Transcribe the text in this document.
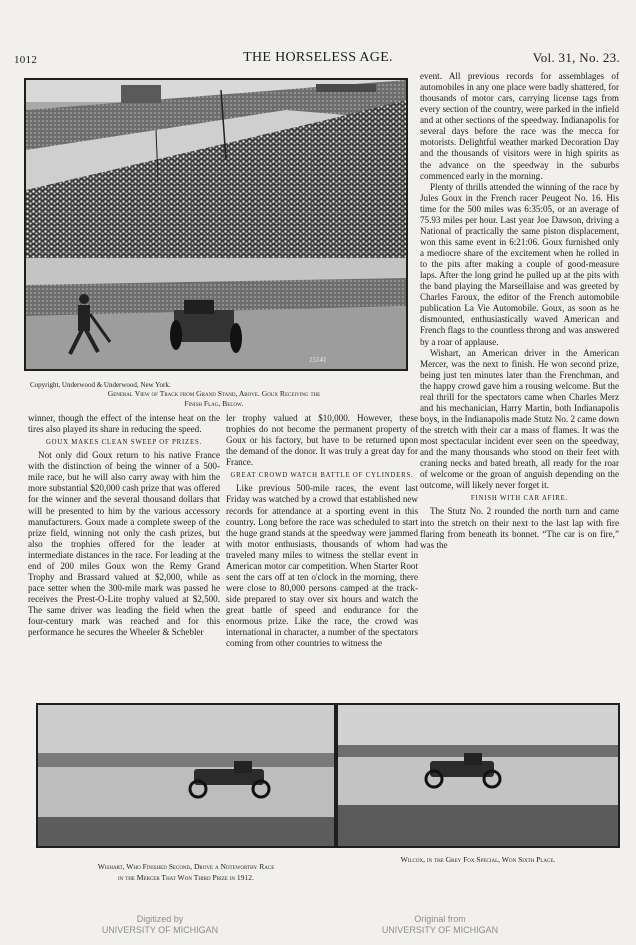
1012	THE HORSELESS AGE.	Vol. 31, No. 23.
15141
Copyright, Underwood & Underwood, New York.
General View of Track from Grand Stand, Above. Goux Receiving the
Finish Flag, Below.

event. All previous records for assemblages of automobiles in any one place were badly shattered, for thousands of motor cars, carrying license tags from every section of the country, were parked in the infield and at other sections of the speedway. Indianapolis for several days before the race was the mecca for motorists. Delightful weather marked Decoration Day and the thousands of visitors were in high spirits as the advance on the speedway in the suburbs commenced early in the morning.

Plenty of thrills attended the winning of the race by Jules Goux in the French racer Peugeot No. 16. His time for the 500 miles was 6:35:05, or an average of 75.93 miles per hour. Last year Joe Dawson, driving a National of practically the same piston displacement, won this same event in 6:21:06. Goux furnished only a mediocre share of the excitement when he rolled in to the pits after making a couple of good-measure laps. After the long grind he pulled up at the pits with the band playing the Marseillaise and was greeted by Charles Faroux, the editor of the French automobile publication La Vie Automobile. Goux, as soon as he dismounted, enthusiastically waved American and French flags to the countless throng and was answered by a roar of applause.

Wishart, an American driver in the American Mercer, was the next to finish. He won second prize, being just ten minutes later than the Frenchman, and the happy crowd gave him a rousing welcome. But the real thrill for the spectators came when Charles Merz and his mechanician, Harry Martin, both Indianapolis boys, in the Indianapolis made Stutz No. 2 came down the stretch with their car a mass of flames. It was the most spectacular incident ever seen on the speedway, and the many thousands who stood on their feet with craning necks and bated breath, all ready for the roar of welcome or the groan of anguish depending on the outcome, will likely never forget it.

FINISH WITH CAR AFIRE.

The Stutz No. 2 rounded the north turn and came into the stretch on their next to the last lap with fire flaring from beneath its bonnet. “The car is on fire,” was the

winner, though the effect of the intense heat on the tires also played its share in reducing the speed.

GOUX MAKES CLEAN SWEEP OF PRIZES.

Not only did Goux return to his native France with the distinction of being the winner of a 500-mile race, but he will also carry away with him the more substantial $20,000 cash prize that was offered for the winner and the several thousand dollars that will be presented to him by the various accessory manufacturers. Goux made a complete sweep of the prize field, winning not only the cash prizes, but also the trophies offered for the leader at intermediate distances in the race. For leading at the end of 200 miles Goux won the Remy Grand Trophy and Brassard valued at $2,000, while as pace setter when the 300-mile mark was passed he receives the Prest-O-Lite trophy valued at $2,500. The same driver was leading the field when the four-century mark was reached and for this performance he secures the Wheeler & Schebler

ler trophy valued at $10,000. However, these trophies do not become the permanent property of Goux or his factory, but have to be returned upon the demand of the donor. It was truly a great day for France.

GREAT CROWD WATCH BATTLE OF CYLINDERS.

Like previous 500-mile races, the event last Friday was watched by a crowd that established new records for attendance at a sporting event in this country. Long before the race was scheduled to start the huge grand stands at the speedway were jammed with motor enthusiasts, thousands of whom had traveled many miles to witness the stellar event in American motor car competition. When Starter Root sent the cars off at ten o'clock in the morning, there were close to 80,000 persons camped at the track-side prepared to stay over six hours and watch the great battle of speed and endurance for the enormous prize. Like the race, the crowd was international in character, a number of the spectators coming from other countries to witness the

Wishart, Who Finished Second, Drove a Noteworthy Race
in the Mercer That Won Third Prize in 1912.
Wilcox, in the Grey Fox Special, Won Sixth Place.
Digitized by
UNIVERSITY OF MICHIGAN
Original from
UNIVERSITY OF MICHIGAN
